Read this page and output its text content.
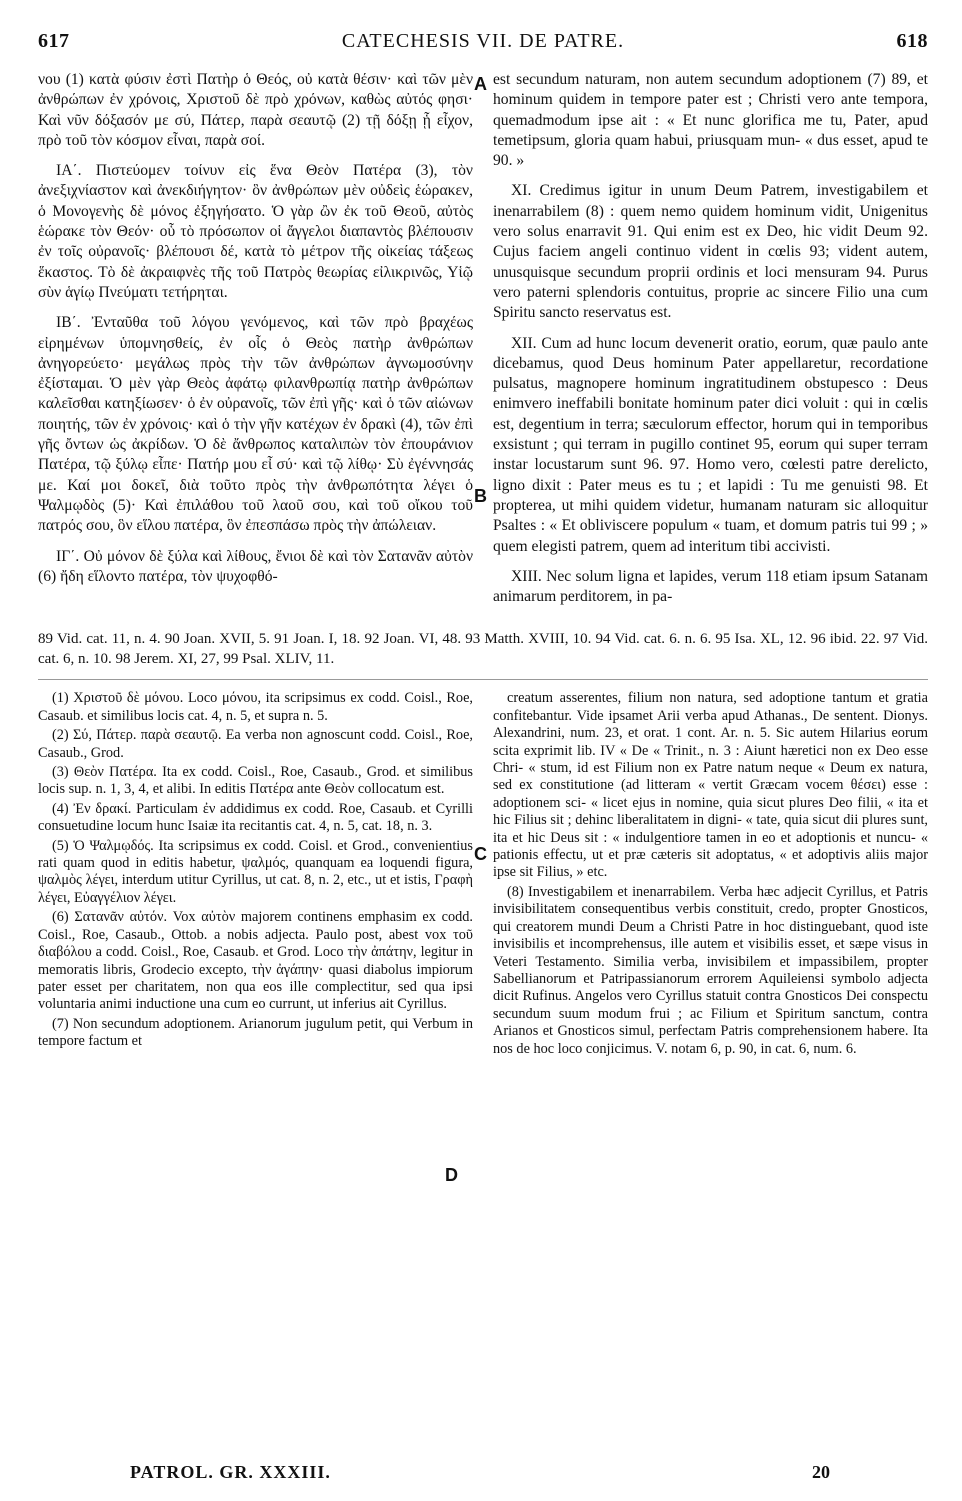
617	CATECHESIS VII. DE PATRE.	618

νου (1) κατὰ φύσιν ἐστὶ Πατὴρ ὁ Θεός, οὐ κατὰ θέσιν· καὶ τῶν μὲν ἀνθρώπων ἐν χρόνοις, Χριστοῦ δὲ πρὸ χρόνων, καθὼς αὐτός φησι· Καὶ νῦν δόξασόν με σύ, Πάτερ, παρὰ σεαυτῷ (2) τῇ δόξῃ ᾗ εἶχον, πρὸ τοῦ τὸν κόσμον εἶναι, παρὰ σοί.

ΙΑ΄. Πιστεύομεν τοίνυν εἰς ἕνα Θεὸν Πατέρα (3), τὸν ἀνεξιχνίαστον καὶ ἀνεκδιήγητον· ὃν ἀνθρώπων μὲν οὐδεὶς ἑώρακεν, ὁ Μονογενὴς δὲ μόνος ἐξηγήσατο. Ὁ γὰρ ὢν ἐκ τοῦ Θεοῦ, αὐτὸς ἑώρακε τὸν Θεόν· οὗ τὸ πρόσωπον οἱ ἄγγελοι διαπαντὸς βλέπουσιν ἐν τοῖς οὐρανοῖς· βλέπουσι δέ, κατὰ τὸ μέτρον τῆς οἰκείας τάξεως ἕκαστος. Τὸ δὲ ἀκραιφνὲς τῆς τοῦ Πατρὸς θεωρίας εἰλικρινῶς, Υἱῷ σὺν ἁγίῳ Πνεύματι τετήρηται.

ΙΒ΄. Ἐνταῦθα τοῦ λόγου γενόμενος, καὶ τῶν πρὸ βραχέως εἰρημένων ὑπομνησθείς, ἐν οἷς ὁ Θεὸς πατὴρ ἀνθρώπων ἀνηγορεύετο· μεγάλως πρὸς τὴν τῶν ἀνθρώπων ἀγνωμοσύνην ἐξίσταμαι. Ὁ μὲν γὰρ Θεὸς ἀφάτῳ φιλανθρωπίᾳ πατὴρ ἀνθρώπων καλεῖσθαι κατηξίωσεν· ὁ ἐν οὐρανοῖς, τῶν ἐπὶ γῆς· καὶ ὁ τῶν αἰώνων ποιητής, τῶν ἐν χρόνοις· καὶ ὁ τὴν γῆν κατέχων ἐν δρακὶ (4), τῶν ἐπὶ γῆς ὄντων ὡς ἀκρίδων. Ὁ δὲ ἄνθρωπος καταλιπὼν τὸν ἐπουράνιον Πατέρα, τῷ ξύλῳ εἶπε· Πατήρ μου εἶ σύ· καὶ τῷ λίθῳ· Σὺ ἐγέννησάς με. Καί μοι δοκεῖ, διὰ τοῦτο πρὸς τὴν ἀνθρωπότητα λέγει ὁ Ψαλμῳδὸς (5)· Καὶ ἐπιλάθου τοῦ λαοῦ σου, καὶ τοῦ οἴκου τοῦ πατρός σου, ὃν εἵλου πατέρα, ὃν ἐπεσπάσω πρὸς τὴν ἀπώλειαν.

ΙΓ΄. Οὐ μόνον δὲ ξύλα καὶ λίθους, ἔνιοι δὲ καὶ τὸν Σατανᾶν αὐτὸν (6) ἤδη εἵλοντο πατέρα, τὸν ψυχοφθό-

est secundum naturam, non autem secundum adoptionem (7) 89, et hominum quidem in tempore pater est ; Christi vero ante tempora, quemadmodum ipse ait : « Et nunc glorifica me tu, Pater, apud temetipsum, gloria quam habui, priusquam mun- « dus esset, apud te 90. »

XI. Credimus igitur in unum Deum Patrem, investigabilem et inenarrabilem (8) : quem nemo quidem hominum vidit, Unigenitus vero solus enarravit 91. Qui enim est ex Deo, hic vidit Deum 92. Cujus faciem angeli continuo vident in cœlis 93; vident autem, unusquisque secundum proprii ordinis et loci mensuram 94. Purus vero paterni splendoris contuitus, proprie ac sincere Filio una cum Spiritu sancto reservatus est.

XII. Cum ad hunc locum devenerit oratio, eorum, quæ paulo ante dicebamus, quod Deus hominum Pater appellaretur, recordatione pulsatus, magnopere hominum ingratitudinem obstupesco : Deus enimvero ineffabili bonitate hominum pater dici voluit : qui in cœlis est, degentium in terra; sæculorum effector, horum qui in temporibus exsistunt ; qui terram in pugillo continet 95, eorum qui super terram instar locustarum sunt 96. 97. Homo vero, cœlesti patre derelicto, ligno dixit : Pater meus es tu ; et lapidi : Tu me genuisti 98. Et propterea, ut mihi quidem videtur, humanam naturam sic alloquitur Psaltes : « Et obliviscere populum « tuam, et domum patris tui 99 ; » quem elegisti patrem, quem ad interitum tibi accivisti.

XIII. Nec solum ligna et lapides, verum 118 etiam ipsum Satanam animarum perditorem, in pa-

A
B
C
89 Vid. cat. 11, n. 4. 90 Joan. XVII, 5. 91 Joan. I, 18. 92 Joan. VI, 48. 93 Matth. XVIII, 10. 94 Vid. cat. 6. n. 6. 95 Isa. XL, 12. 96 ibid. 22. 97 Vid. cat. 6, n. 10. 98 Jerem. XI, 27, 99 Psal. XLIV, 11.

(1) Χριστοῦ δὲ μόνου. Loco μόνου, ita scripsimus ex codd. Coisl., Roe, Casaub. et similibus locis cat. 4, n. 5, et supra n. 5.

(2) Σύ, Πάτερ. παρὰ σεαυτῷ. Ea verba non agnoscunt codd. Coisl., Roe, Casaub., Grod.

(3) Θεὸν Πατέρα. Ita ex codd. Coisl., Roe, Casaub., Grod. et similibus locis sup. n. 1, 3, 4, et alibi. In editis Πατέρα ante Θεὸν collocatum est.

(4) Ἐν δρακί. Particulam ἐν addidimus ex codd. Roe, Casaub. et Cyrilli consuetudine locum hunc Isaiæ ita recitantis cat. 4, n. 5, cat. 18, n. 3.

(5) Ὁ Ψαλμῳδός. Ita scripsimus ex codd. Coisl. et Grod., convenientius rati quam quod in editis habetur, ψαλμός, quanquam ea loquendi figura, ψαλμὸς λέγει, interdum utitur Cyrillus, ut cat. 8, n. 2, etc., ut et istis, Γραφὴ λέγει, Εὐαγγέλιον λέγει.

(6) Σατανᾶν αὐτόν. Vox αὐτὸν majorem continens emphasim ex codd. Coisl., Roe, Casaub., Ottob. a nobis adjecta. Paulo post, abest vox τοῦ διαβόλου a codd. Coisl., Roe, Casaub. et Grod. Loco τὴν ἀπάτην, legitur in memoratis libris, Grodecio excepto, τὴν ἀγάπην· quasi diabolus impiorum pater esset per charitatem, non qua eos ille complectitur, sed qua ipsi voluntaria animi inductione una cum eo currunt, ut inferius ait Cyrillus.

(7) Non secundum adoptionem. Arianorum jugulum petit, qui Verbum in tempore factum et

creatum asserentes, filium non natura, sed adoptione tantum et gratia confitebantur. Vide ipsamet Arii verba apud Athanas., De sentent. Dionys. Alexandrini, num. 23, et orat. 1 cont. Ar. n. 5. Sic autem Hilarius eorum scita exprimit lib. IV « De « Trinit., n. 3 : Aiunt hæretici non ex Deo esse Chri- « stum, id est Filium non ex Patre natum neque « Deum ex natura, sed ex constitutione (ad litteram « vertit Græcam vocem θέσει) esse : adoptionem sci- « licet ejus in nomine, quia sicut plures Deo filii, « ita et hic Filius sit ; dehinc liberalitatem in digni- « tate, quia sicut dii plures sunt, ita et hic Deus sit : « indulgentiore tamen in eo et adoptionis et nuncu- « pationis effectu, ut et præ cæteris sit adoptatus, « et adoptivis aliis major ipse sit Filius, » etc.

(8) Investigabilem et inenarrabilem. Verba hæc adjecit Cyrillus, et Patris invisibilitatem consequentibus verbis constituit, credo, propter Gnosticos, qui creatorem mundi Deum a Christi Patre in hoc distinguebant, quod iste invisibilis et incomprehensus, ille autem et visibilis esset, et sæpe visus in Veteri Testamento. Similia verba, invisibilem et impassibilem, propter Sabellianorum et Patripassianorum errorem Aquileiensi symbolo adjecta dicit Rufinus. Angelos vero Cyrillus statuit contra Gnosticos Dei conspectu secundum suum modum frui ; ac Filium et Spiritum sanctum, contra Arianos et Gnosticos simul, perfectam Patris comprehensionem habere. Ita nos de hoc loco conjicimus. V. notam 6, p. 90, in cat. 6, num. 6.

D
PATROL. GR. XXXIII.	20
